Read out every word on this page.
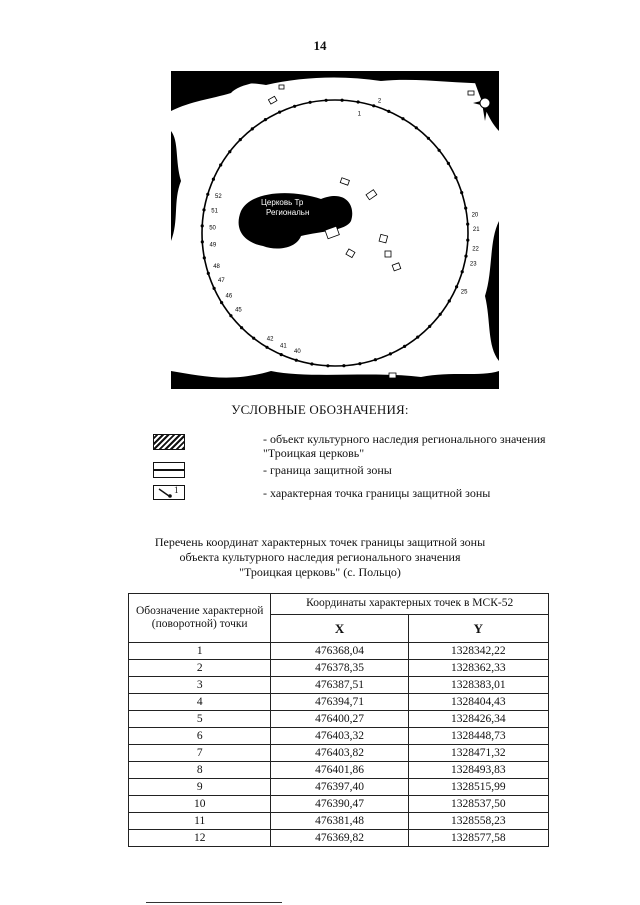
14
1
2
20
21
22
23
25
40
41
42
45
46
47
48
49
50
51
52
Церковь Тр
Региональн
УСЛОВНЫЕ ОБОЗНАЧЕНИЯ:
- объект культурного наследия регионального значения "Троицкая церковь"
- граница защитной зоны
1	- характерная точка границы защитной зоны
Перечень координат характерных точек границы защитной зоны
объекта культурного наследия регионального значения
"Троицкая церковь" (с. Польцо)
Обозначение характерной (поворотной) точки	Координаты характерных точек в МСК-52	
	X	Y
1	476368,04	1328342,22
2	476378,35	1328362,33
3	476387,51	1328383,01
4	476394,71	1328404,43
5	476400,27	1328426,34
6	476403,32	1328448,73
7	476403,82	1328471,32
8	476401,86	1328493,83
9	476397,40	1328515,99
10	476390,47	1328537,50
11	476381,48	1328558,23
12	476369,82	1328577,58
